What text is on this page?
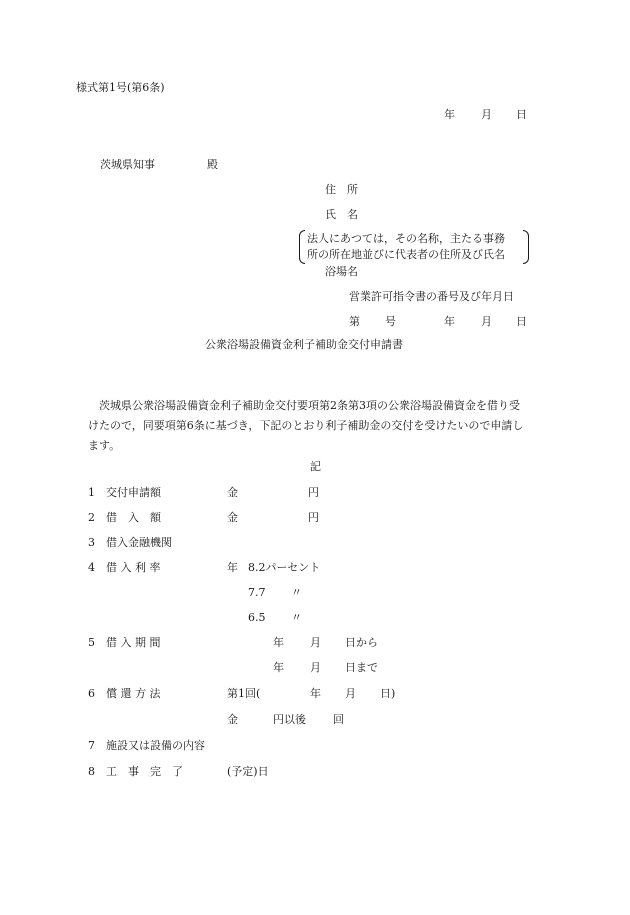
様式第1号(第6条)
年 月 日
茨城県知事	殿
住　所
氏　名
法人にあつては，その名称，主たる事務
所の所在地並びに代表者の住所及び氏名
浴場名
営業許可指令書の番号及び年月日
第 号	年 月 日
公衆浴場設備資金利子補助金交付申請書
茨城県公衆浴場設備資金利子補助金交付要項第2条第3項の公衆浴場設備資金を借り受けたので，同要項第6条に基づき，下記のとおり利子補助金の交付を受けたいので申請します。
記
1 交付申請額	金	円
2 借　入　額	金	円
3 借入金融機関
4 借 入 利 率	年 8.2パーセント
7.7 〃
6.5 〃
5 借 入 期 間	年 月 日から
年 月 日まで
6 償 還 方 法	第1回(	年 月 日)
金	円以後 回
7 施設又は設備の内容
8 工　事　完　了	(予定)日
